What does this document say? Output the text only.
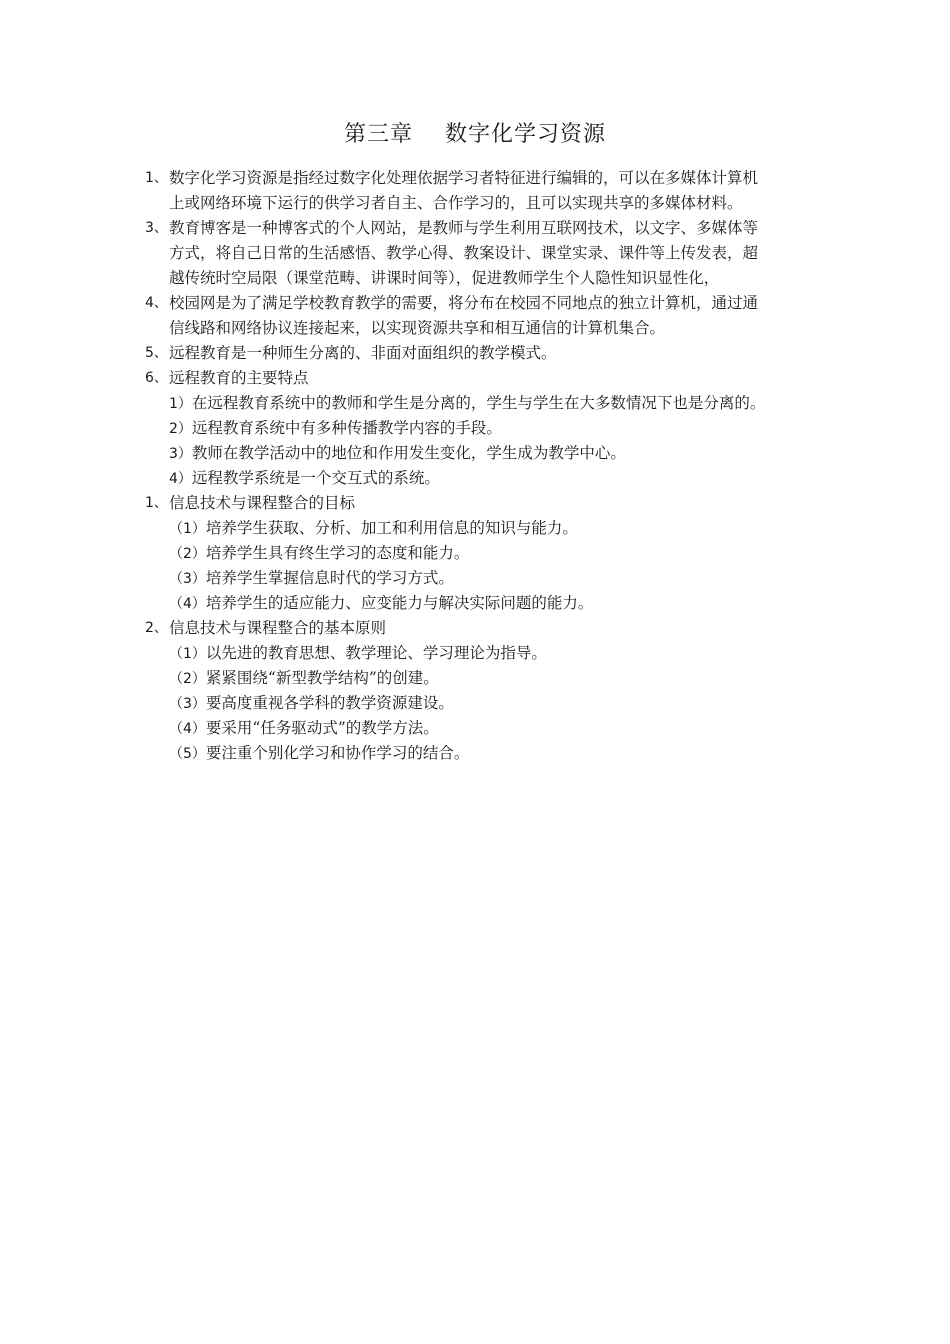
第三章    数字化学习资源
1、 数字化学习资源是指经过数字化处理依据学习者特征进行编辑的，可以在多媒体计算机
上或网络环境下运行的供学习者自主、合作学习的，且可以实现共享的多媒体材料。
3、 教育博客是一种博客式的个人网站，是教师与学生利用互联网技术，以文字、多媒体等
方式，将自己日常的生活感悟、教学心得、教案设计、课堂实录、课件等上传发表，超
越传统时空局限（课堂范畴、讲课时间等），促进教师学生个人隐性知识显性化，
4、 校园网是为了满足学校教育教学的需要，将分布在校园不同地点的独立计算机，通过通
信线路和网络协议连接起来，以实现资源共享和相互通信的计算机集合。
5、 远程教育是一种师生分离的、非面对面组织的教学模式。
6、 远程教育的主要特点
1）在远程教育系统中的教师和学生是分离的，学生与学生在大多数情况下也是分离的。
2）远程教育系统中有多种传播教学内容的手段。
3）教师在教学活动中的地位和作用发生变化，学生成为教学中心。
4）远程教学系统是一个交互式的系统。
1、 信息技术与课程整合的目标
（1）培养学生获取、分析、加工和利用信息的知识与能力。
（2）培养学生具有终生学习的态度和能力。
（3）培养学生掌握信息时代的学习方式。
（4）培养学生的适应能力、应变能力与解决实际问题的能力。
2、 信息技术与课程整合的基本原则
（1）以先进的教育思想、教学理论、学习理论为指导。
（2）紧紧围绕“新型教学结构”的创建。
（3）要高度重视各学科的教学资源建设。
（4）要采用“任务驱动式”的教学方法。
（5）要注重个别化学习和协作学习的结合。
